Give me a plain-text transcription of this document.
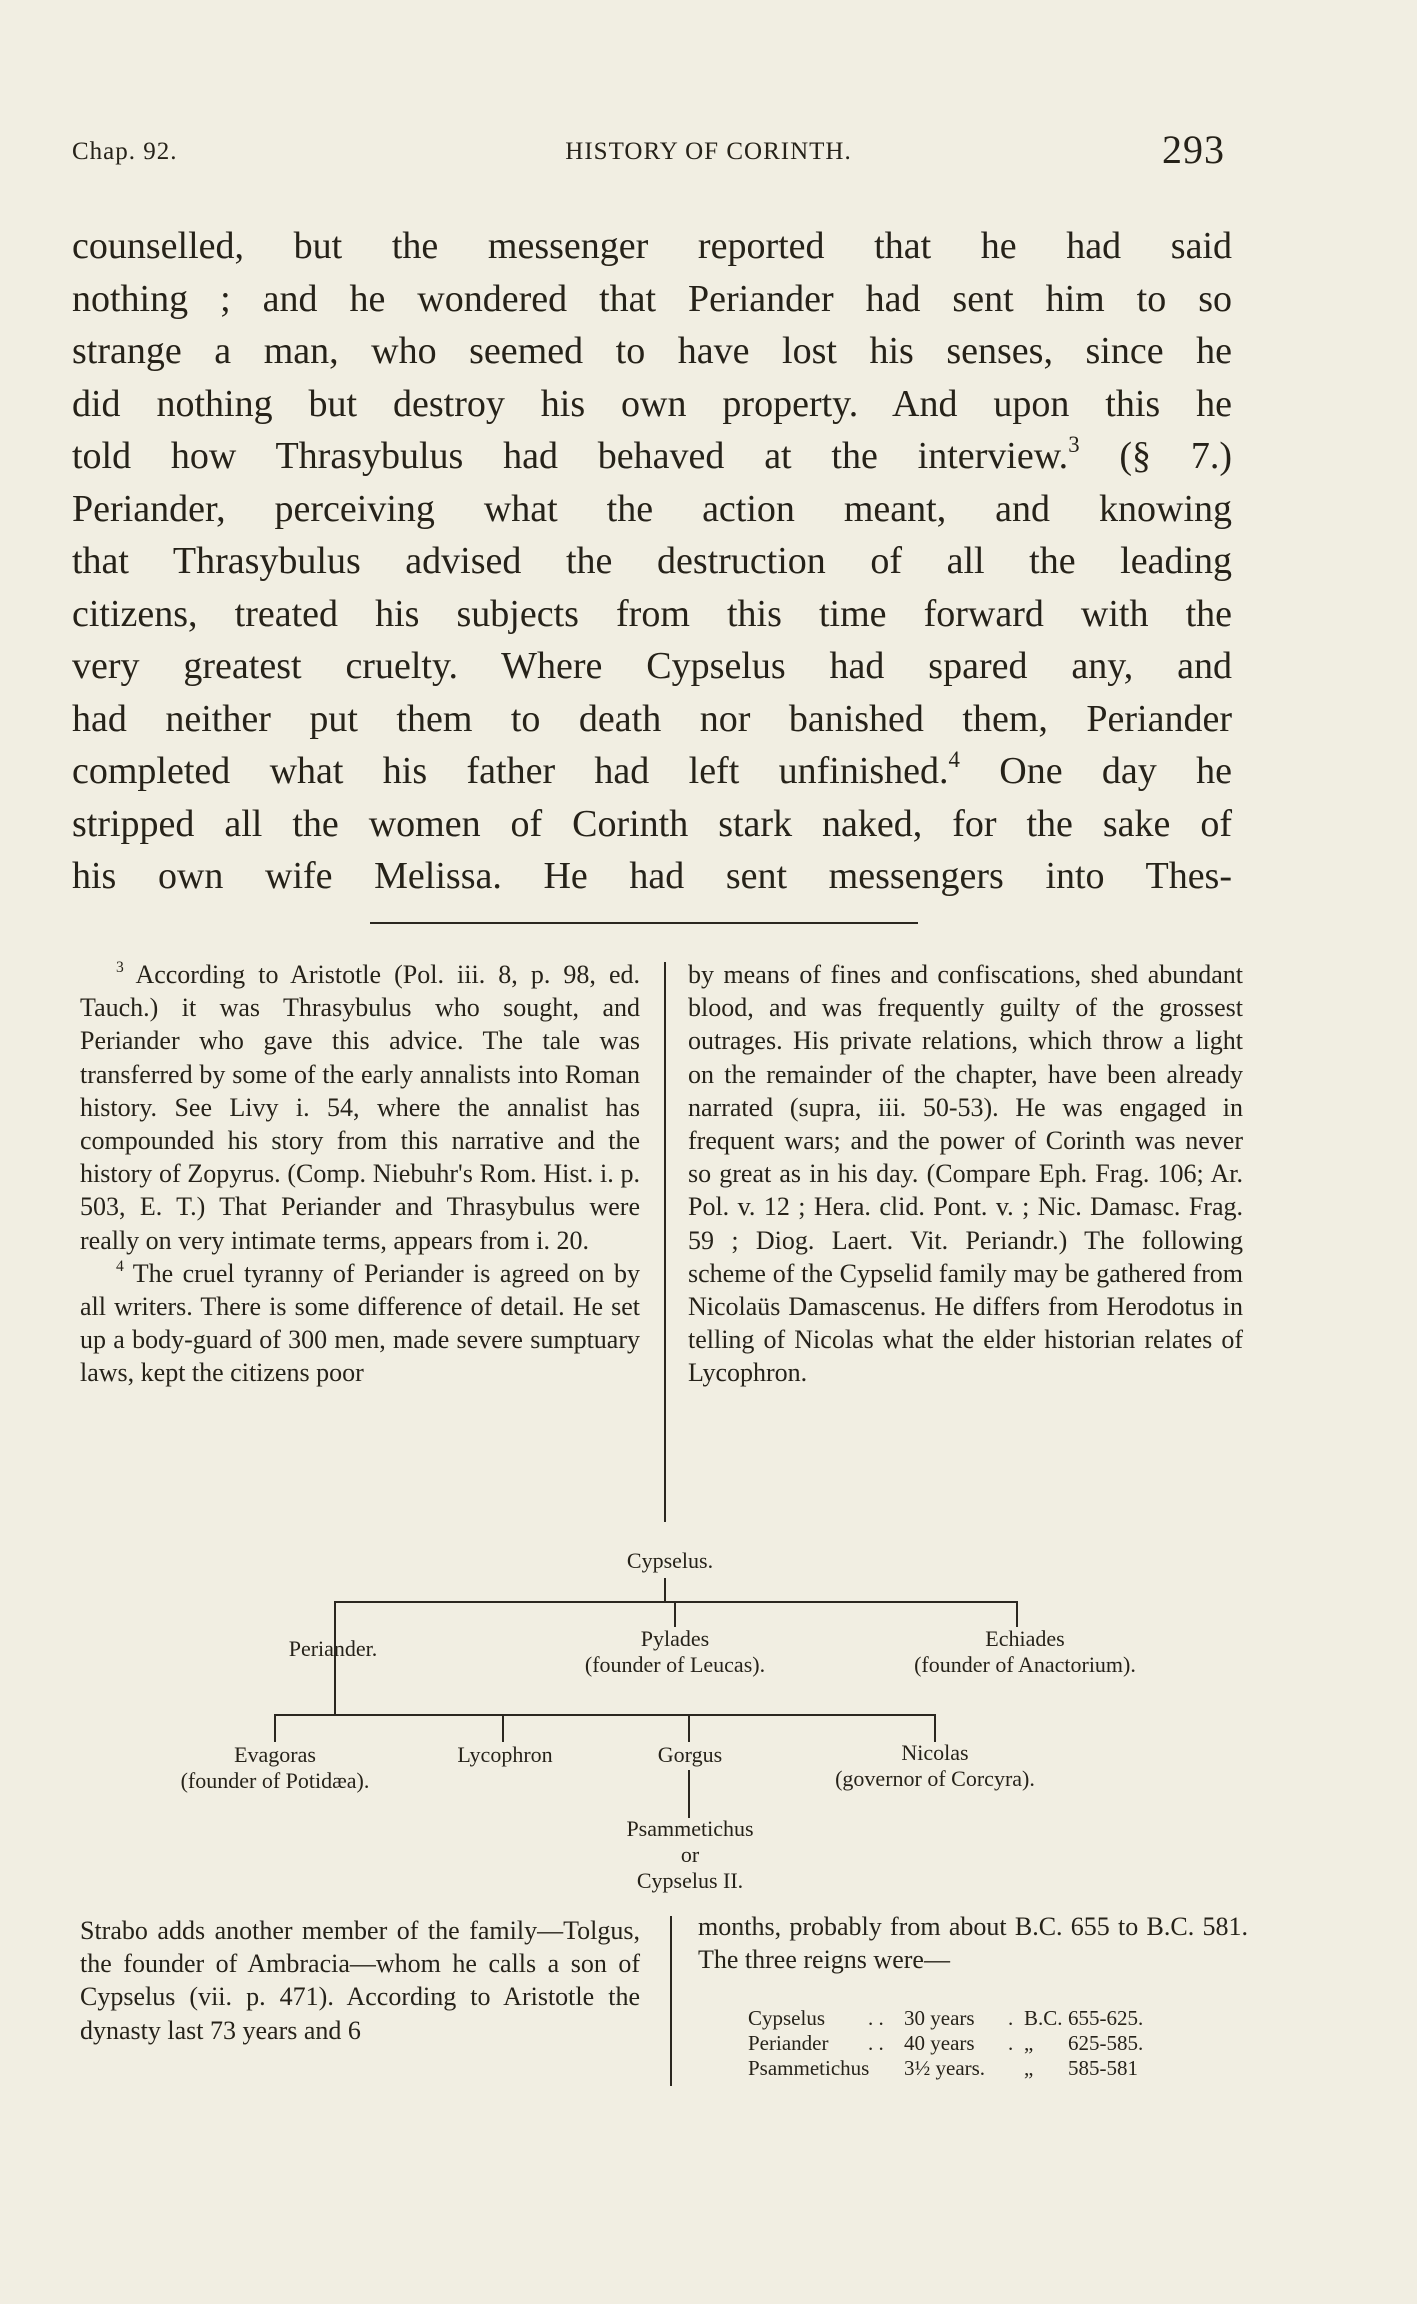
Chap. 92.	HISTORY OF CORINTH.	293

counselled, but the messenger reported that he had said

nothing ; and he wondered that Periander had sent him to so

strange a man, who seemed to have lost his senses, since he

did nothing but destroy his own property. And upon this he

told how Thrasybulus had behaved at the interview.$^3$ (§ 7.)

Periander, perceiving what the action meant, and knowing

that Thrasybulus advised the destruction of all the leading

citizens, treated his subjects from this time forward with the

very greatest cruelty. Where Cypselus had spared any, and

had neither put them to death nor banished them, Periander

completed what his father had left unfinished.$^4$ One day he

stripped all the women of Corinth stark naked, for the sake of

his own wife Melissa. He had sent messengers into Thes-

$^3$ According to Aristotle (Pol. iii. 8, p. 98, ed. Tauch.) it was Thrasybulus who sought, and Periander who gave this advice. The tale was transferred by some of the early annalists into Roman history. See Livy i. 54, where the annalist has compounded his story from this narrative and the history of Zopyrus. (Comp. Niebuhr's Rom. Hist. i. p. 503, E. T.) That Periander and Thrasybulus were really on very intimate terms, appears from i. 20.

$^4$ The cruel tyranny of Periander is agreed on by all writers. There is some difference of detail. He set up a body-guard of 300 men, made severe sumptuary laws, kept the citizens poor

by means of fines and confiscations, shed abundant blood, and was frequently guilty of the grossest outrages. His private relations, which throw a light on the remainder of the chapter, have been already narrated (supra, iii. 50-53). He was engaged in frequent wars; and the power of Corinth was never so great as in his day. (Compare Eph. Frag. 106; Ar. Pol. v. 12 ; Hera. clid. Pont. v. ; Nic. Damasc. Frag. 59 ; Diog. Laert. Vit. Periandr.) The following scheme of the Cypselid family may be gathered from Nicolaüs Damascenus. He differs from Herodotus in telling of Nicolas what the elder historian relates of Lycophron.

Cypselus.
Periander.	Pylades
(founder of Leucas).
Echiades
(founder of Anactorium).
Evagoras
(founder of Potidæa).
Lycophron	Gorgus	Nicolas
(governor of Corcyra).
Psammetichus
or
Cypselus II.

Strabo adds another member of the family—Tolgus, the founder of Ambracia—whom he calls a son of Cypselus (vii. p. 471). According to Aristotle the dynasty last 73 years and 6

months, probably from about B.C. 655 to B.C. 581. The three reigns were—

Cypselus	. . 30 years	. B.C. 655-625.
Periander	. . 40 years	. „	625-585.
Psammetichus	3½ years.	„	585-581
